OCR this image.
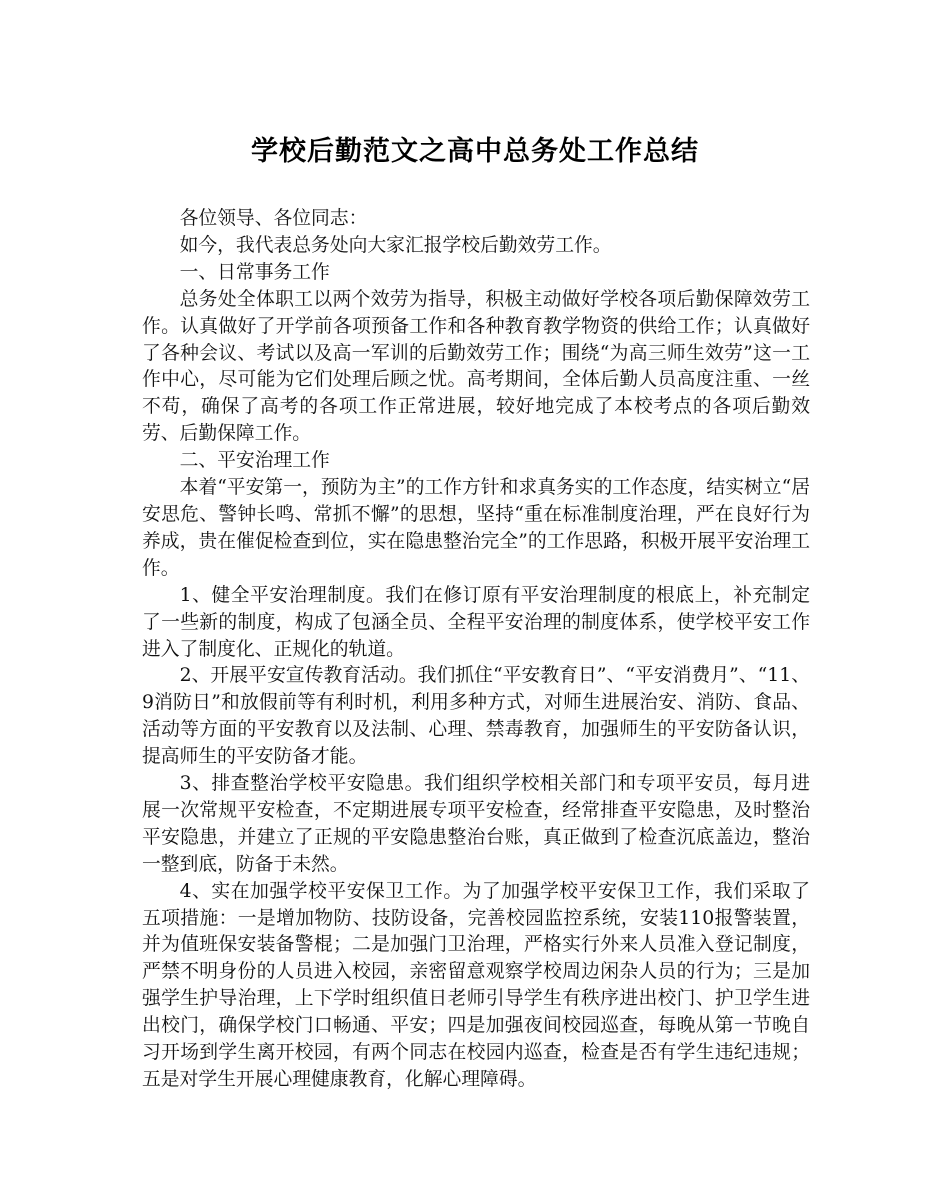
学校后勤范文之高中总务处工作总结

各位领导、各位同志：

如今，我代表总务处向大家汇报学校后勤效劳工作。

一、日常事务工作

总务处全体职工以两个效劳为指导，积极主动做好学校各项后勤保障效劳工作。认真做好了开学前各项预备工作和各种教育教学物资的供给工作；认真做好了各种会议、考试以及高一军训的后勤效劳工作；围绕“为高三师生效劳”这一工作中心，尽可能为它们处理后顾之忧。高考期间，全体后勤人员高度注重、一丝不苟，确保了高考的各项工作正常进展，较好地完成了本校考点的各项后勤效劳、后勤保障工作。

二、平安治理工作

本着“平安第一，预防为主”的工作方针和求真务实的工作态度，结实树立“居安思危、警钟长鸣、常抓不懈”的思想，坚持“重在标准制度治理，严在良好行为养成，贵在催促检查到位，实在隐患整治完全”的工作思路，积极开展平安治理工作。

1、健全平安治理制度。我们在修订原有平安治理制度的根底上，补充制定了一些新的制度，构成了包涵全员、全程平安治理的制度体系，使学校平安工作进入了制度化、正规化的轨道。

2、开展平安宣传教育活动。我们抓住“平安教育日”、“平安消费月”、“11、9消防日”和放假前等有利时机，利用多种方式，对师生进展治安、消防、食品、活动等方面的平安教育以及法制、心理、禁毒教育，加强师生的平安防备认识，提高师生的平安防备才能。

3、排查整治学校平安隐患。我们组织学校相关部门和专项平安员，每月进展一次常规平安检查，不定期进展专项平安检查，经常排查平安隐患，及时整治平安隐患，并建立了正规的平安隐患整治台账，真正做到了检查沉底盖边，整治一整到底，防备于未然。

4、实在加强学校平安保卫工作。为了加强学校平安保卫工作，我们采取了五项措施：一是增加物防、技防设备，完善校园监控系统，安装110报警装置，并为值班保安装备警棍；二是加强门卫治理，严格实行外来人员准入登记制度，严禁不明身份的人员进入校园，亲密留意观察学校周边闲杂人员的行为；三是加强学生护导治理，上下学时组织值日老师引导学生有秩序进出校门、护卫学生进出校门，确保学校门口畅通、平安；四是加强夜间校园巡查，每晚从第一节晚自习开场到学生离开校园，有两个同志在校园内巡查，检查是否有学生违纪违规；五是对学生开展心理健康教育，化解心理障碍。
